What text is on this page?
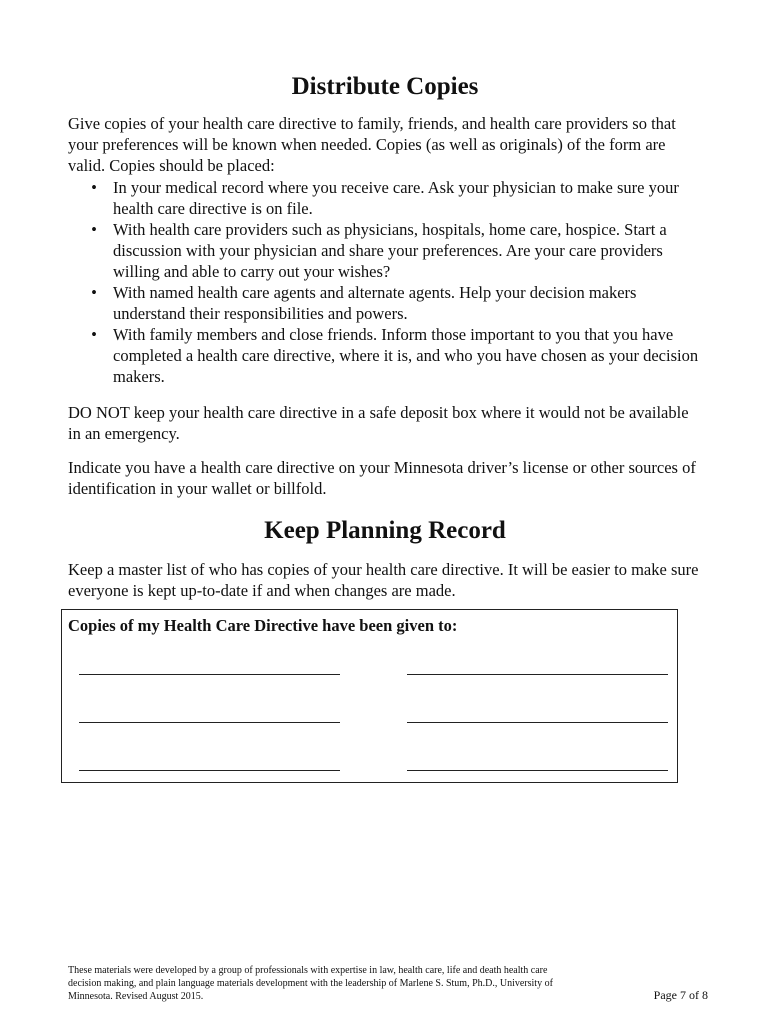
Distribute Copies

Give copies of your health care directive to family, friends, and health care providers so that your preferences will be known when needed. Copies (as well as originals) of the form are valid. Copies should be placed:

• In your medical record where you receive care. Ask your physician to make sure your health care directive is on file.
• With health care providers such as physicians, hospitals, home care, hospice. Start a discussion with your physician and share your preferences. Are your care providers willing and able to carry out your wishes?
• With named health care agents and alternate agents. Help your decision makers understand their responsibilities and powers.
• With family members and close friends. Inform those important to you that you have completed a health care directive, where it is, and who you have chosen as your decision makers.

DO NOT keep your health care directive in a safe deposit box where it would not be available in an emergency.

Indicate you have a health care directive on your Minnesota driver’s license or other sources of identification in your wallet or billfold.

Keep Planning Record

Keep a master list of who has copies of your health care directive. It will be easier to make sure everyone is kept up-to-date if and when changes are made.

Copies of my Health Care Directive have been given to:

These materials were developed by a group of professionals with expertise in law, health care, life and death health care decision making, and plain language materials development with the leadership of Marlene S. Stum, Ph.D., University of Minnesota. Revised August 2015.	Page 7 of 8
